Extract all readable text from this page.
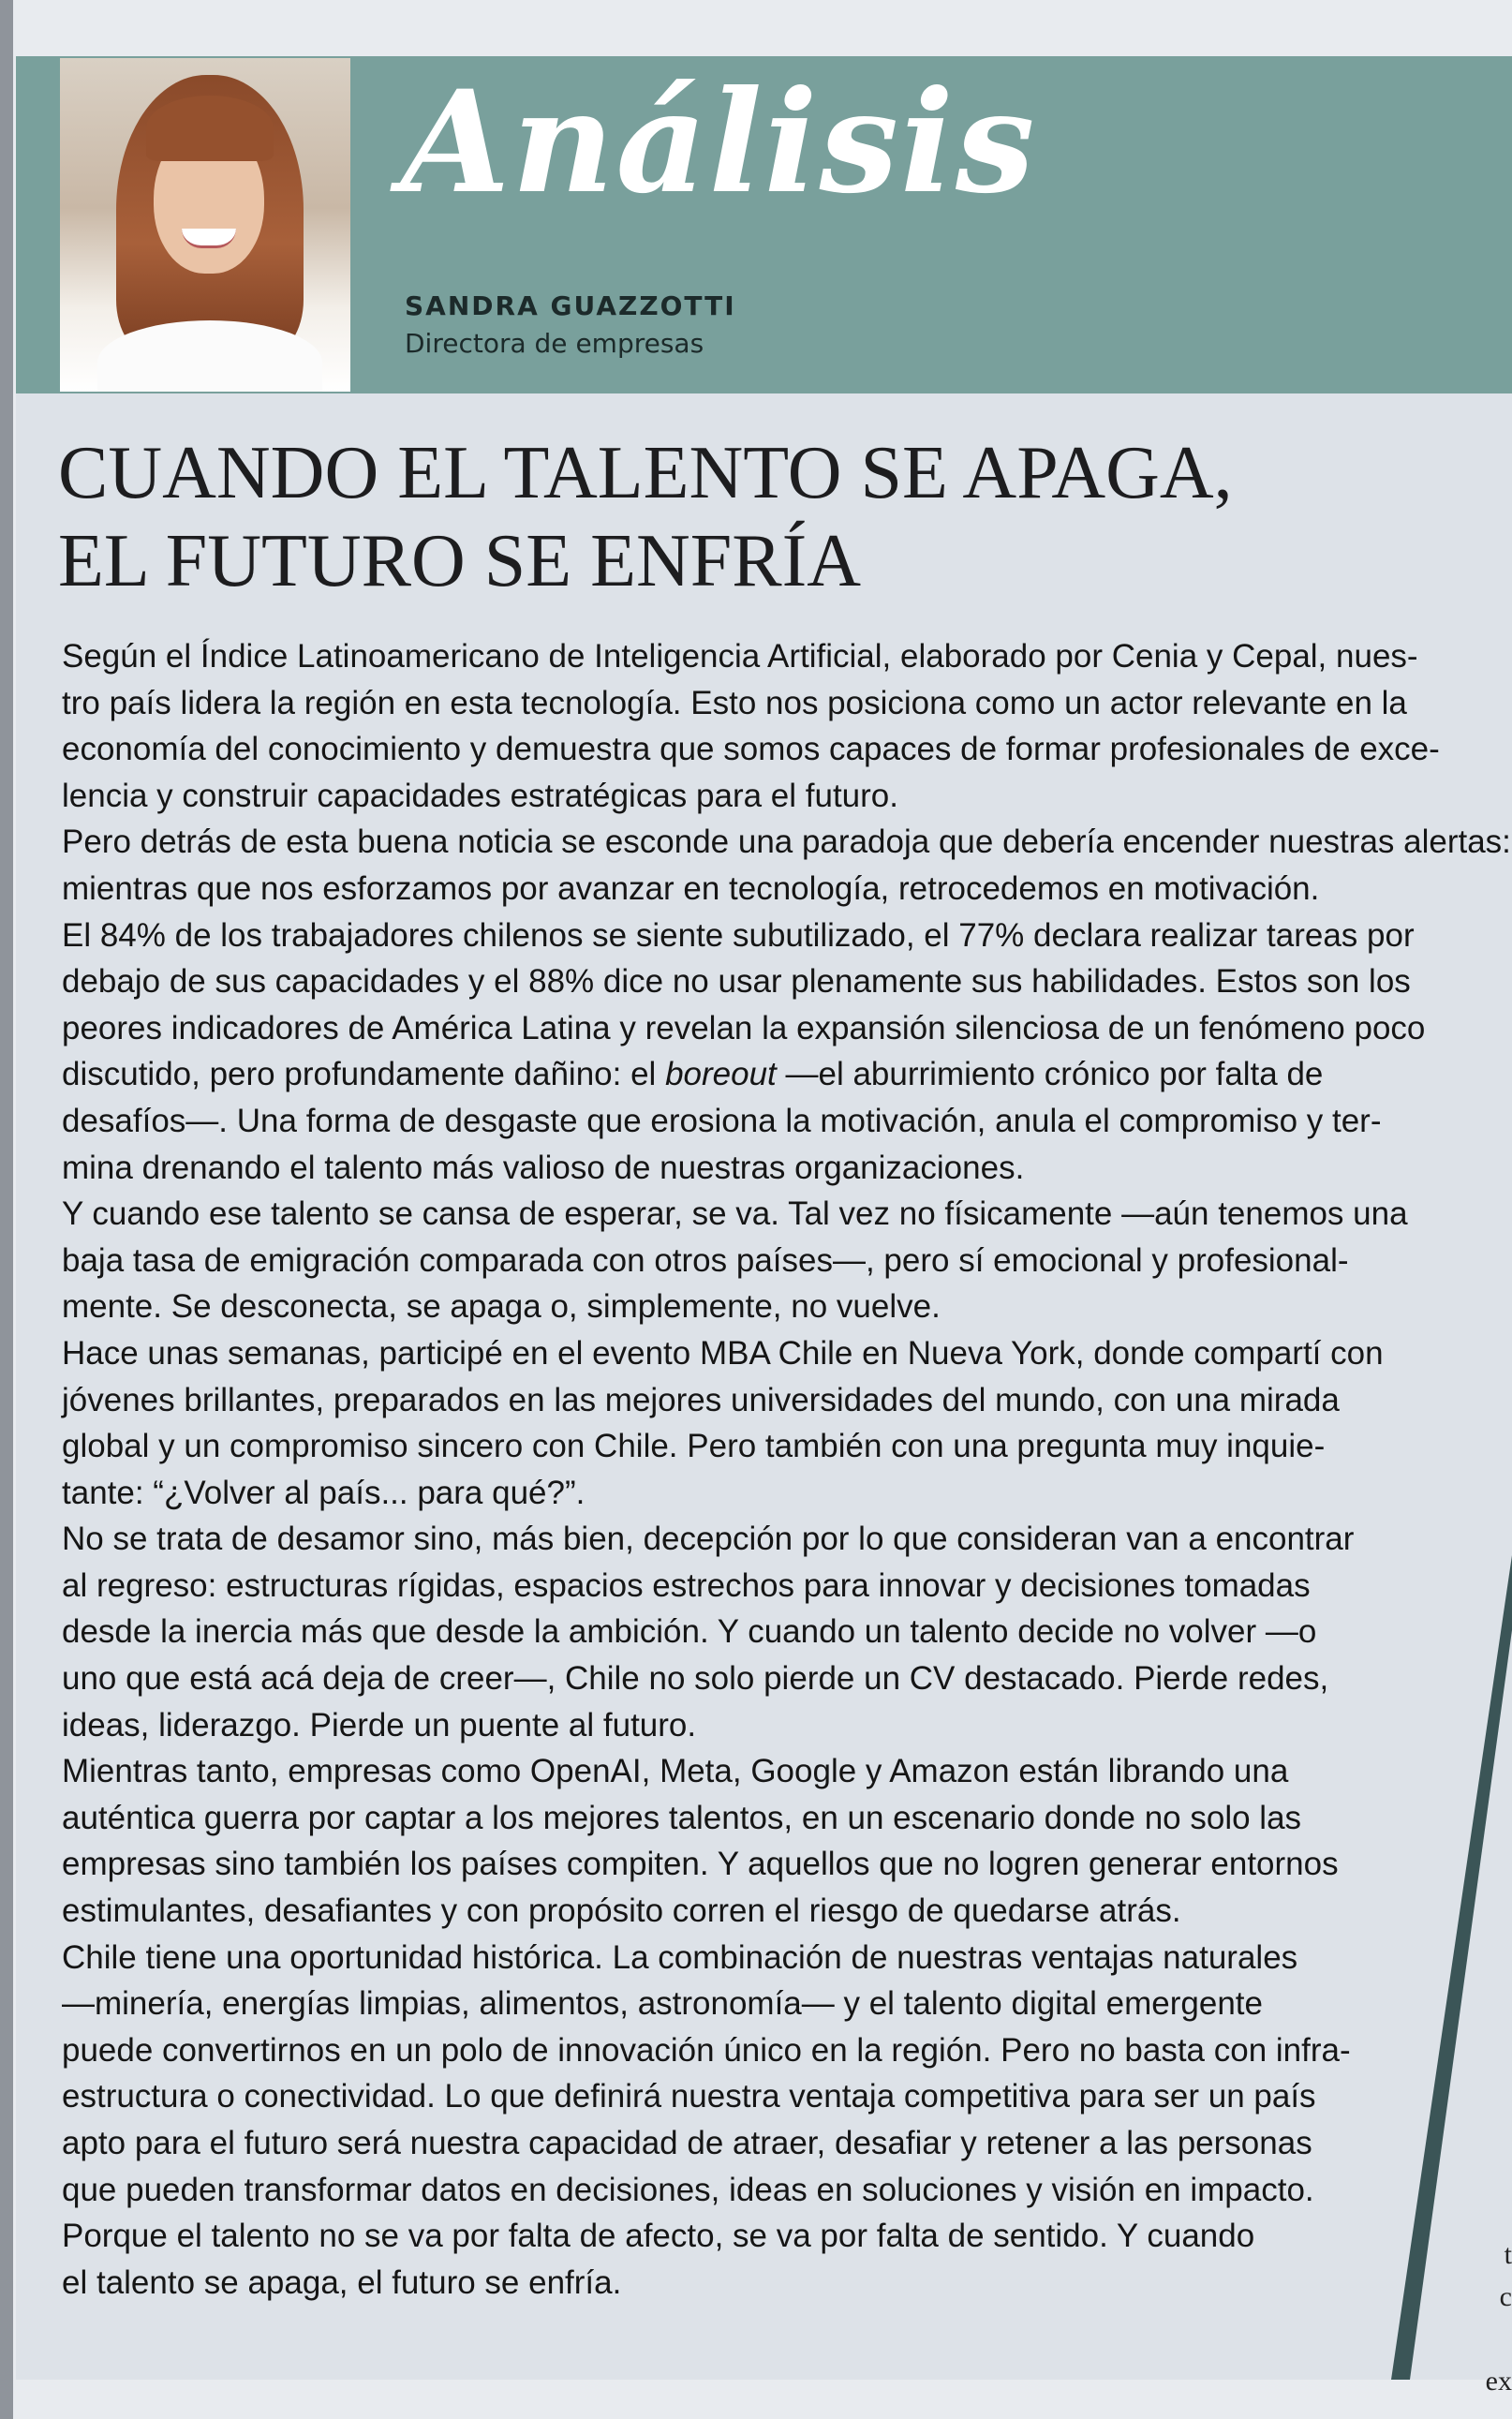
Análisis
SANDRA GUAZZOTTI
Directora de empresas
CUANDO EL TALENTO SE APAGA,
EL FUTURO SE ENFRÍA

Según el Índice Latinoamericano de Inteligencia Artificial, elaborado por Cenia y Cepal, nues-

tro país lidera la región en esta tecnología. Esto nos posiciona como un actor relevante en la

economía del conocimiento y demuestra que somos capaces de formar profesionales de exce-

lencia y construir capacidades estratégicas para el futuro.

Pero detrás de esta buena noticia se esconde una paradoja que debería encender nuestras alertas:

mientras que nos esforzamos por avanzar en tecnología, retrocedemos en motivación.

El 84% de los trabajadores chilenos se siente subutilizado, el 77% declara realizar tareas por

debajo de sus capacidades y el 88% dice no usar plenamente sus habilidades. Estos son los

peores indicadores de América Latina y revelan la expansión silenciosa de un fenómeno poco

discutido, pero profundamente dañino: el boreout —el aburrimiento crónico por falta de

desafíos—. Una forma de desgaste que erosiona la motivación, anula el compromiso y ter-

mina drenando el talento más valioso de nuestras organizaciones.

Y cuando ese talento se cansa de esperar, se va. Tal vez no físicamente —aún tenemos una

baja tasa de emigración comparada con otros países—, pero sí emocional y profesional-

mente. Se desconecta, se apaga o, simplemente, no vuelve.

Hace unas semanas, participé en el evento MBA Chile en Nueva York, donde compartí con

jóvenes brillantes, preparados en las mejores universidades del mundo, con una mirada

global y un compromiso sincero con Chile. Pero también con una pregunta muy inquie-

tante: “¿Volver al país... para qué?”.

No se trata de desamor sino, más bien, decepción por lo que consideran van a encontrar

al regreso: estructuras rígidas, espacios estrechos para innovar y decisiones tomadas

desde la inercia más que desde la ambición. Y cuando un talento decide no volver —o

uno que está acá deja de creer—, Chile no solo pierde un CV destacado. Pierde redes,

ideas, liderazgo. Pierde un puente al futuro.

Mientras tanto, empresas como OpenAI, Meta, Google y Amazon están librando una

auténtica guerra por captar a los mejores talentos, en un escenario donde no solo las

empresas sino también los países compiten. Y aquellos que no logren generar entornos

estimulantes, desafiantes y con propósito corren el riesgo de quedarse atrás.

Chile tiene una oportunidad histórica. La combinación de nuestras ventajas naturales

—minería, energías limpias, alimentos, astronomía— y el talento digital emergente

puede convertirnos en un polo de innovación único en la región. Pero no basta con infra-

estructura o conectividad. Lo que definirá nuestra ventaja competitiva para ser un país

apto para el futuro será nuestra capacidad de atraer, desafiar y retener a las personas

que pueden transformar datos en decisiones, ideas en soluciones y visión en impacto.

Porque el talento no se va por falta de afecto, se va por falta de sentido. Y cuando

el talento se apaga, el futuro se enfría.

t
c
ex
